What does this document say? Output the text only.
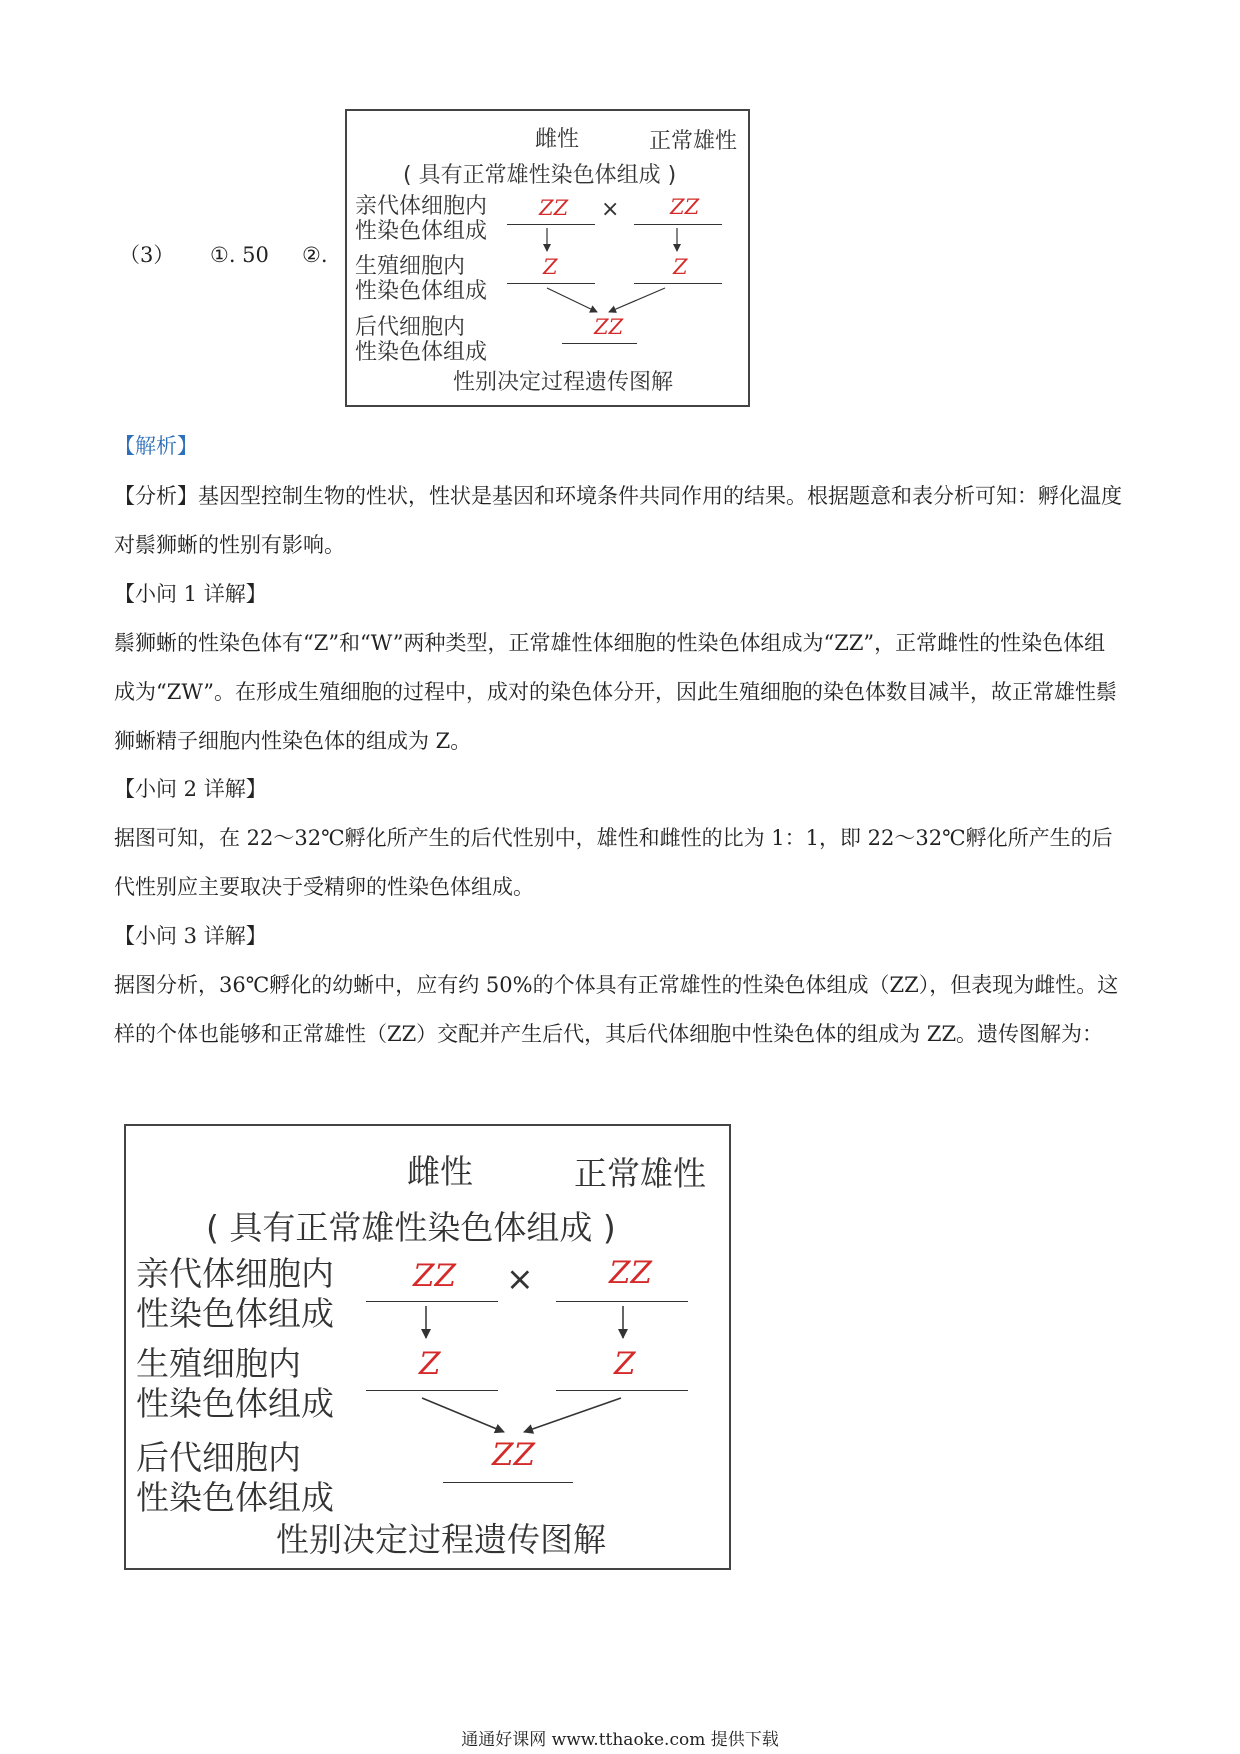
（3） ①. 50 ②.
雌性	正常雄性
( 具有正常雄性染色体组成 )
亲代体细胞内
性染色体组成
ZZ × ZZ
生殖细胞内
性染色体组成
Z	Z
后代细胞内
性染色体组成
ZZ
性别决定过程遗传图解
【解析】

【分析】基因型控制生物的性状，性状是基因和环境条件共同作用的结果。根据题意和表分析可知：孵化温度对鬃狮蜥的性别有影响。

【小问 1 详解】

鬃狮蜥的性染色体有“Z”和“W”两种类型，正常雄性体细胞的性染色体组成为“ZZ”，正常雌性的性染色体组成为“ZW”。在形成生殖细胞的过程中，成对的染色体分开，因此生殖细胞的染色体数目减半，故正常雄性鬃狮蜥精子细胞内性染色体的组成为 Z。

【小问 2 详解】

据图可知，在 22～32℃孵化所产生的后代性别中，雄性和雌性的比为 1：1，即 22～32℃孵化所产生的后代性别应主要取决于受精卵的性染色体组成。

【小问 3 详解】

据图分析，36℃孵化的幼蜥中，应有约 50%的个体具有正常雄性的性染色体组成（ZZ），但表现为雌性。这样的个体也能够和正常雄性（ZZ）交配并产生后代，其后代体细胞中性染色体的组成为 ZZ。遗传图解为：

雌性	正常雄性
( 具有正常雄性染色体组成 )
亲代体细胞内
性染色体组成
ZZ × ZZ
生殖细胞内
性染色体组成
Z	Z
后代细胞内
性染色体组成
ZZ
性别决定过程遗传图解
通通好课网 www.tthaoke.com 提供下载
